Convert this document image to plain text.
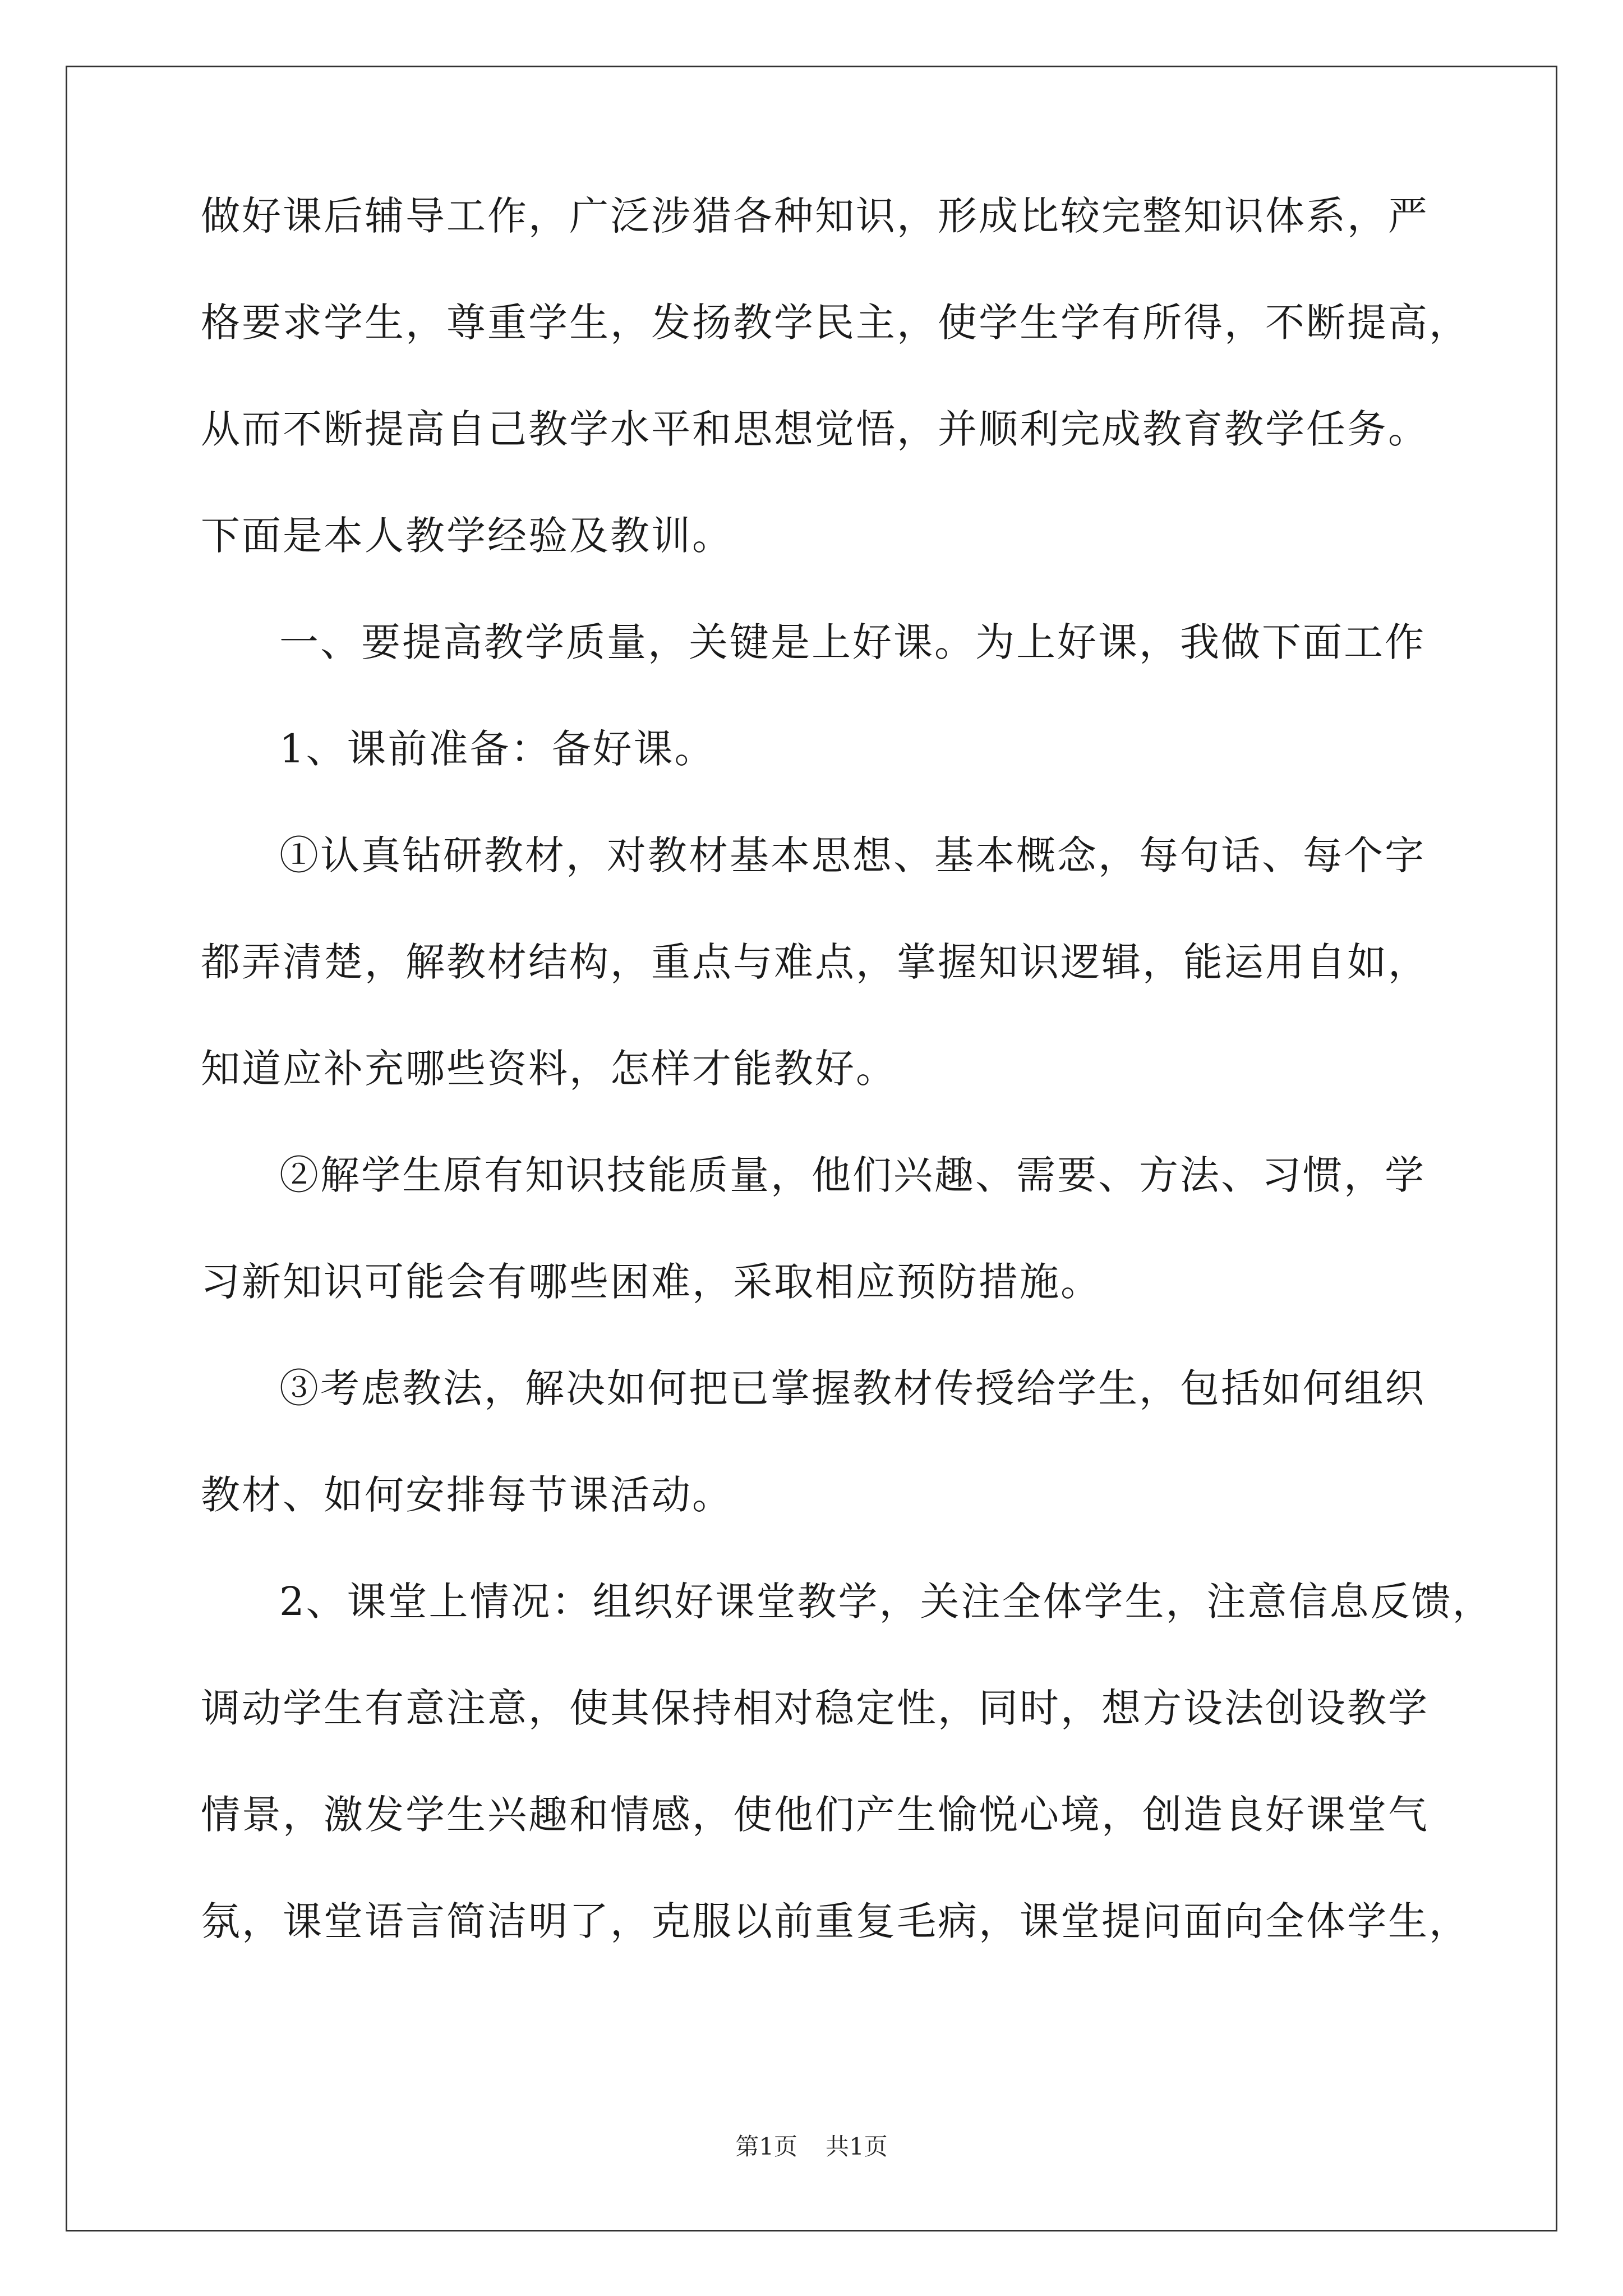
做好课后辅导工作，广泛涉猎各种知识，形成比较完整知识体系，严
格要求学生，尊重学生，发扬教学民主，使学生学有所得，不断提高，
从而不断提高自己教学水平和思想觉悟，并顺利完成教育教学任务。
下面是本人教学经验及教训。
一、要提高教学质量，关键是上好课。为上好课，我做下面工作
1、课前准备：备好课。
①认真钻研教材，对教材基本思想、基本概念，每句话、每个字
都弄清楚，解教材结构，重点与难点，掌握知识逻辑，能运用自如，
知道应补充哪些资料，怎样才能教好。
②解学生原有知识技能质量，他们兴趣、需要、方法、习惯，学
习新知识可能会有哪些困难，采取相应预防措施。
③考虑教法，解决如何把已掌握教材传授给学生，包括如何组织
教材、如何安排每节课活动。
2、课堂上情况：组织好课堂教学，关注全体学生，注意信息反馈，
调动学生有意注意，使其保持相对稳定性，同时，想方设法创设教学
情景，激发学生兴趣和情感，使他们产生愉悦心境，创造良好课堂气
氛，课堂语言简洁明了，克服以前重复毛病，课堂提问面向全体学生，
第1页 共1页
